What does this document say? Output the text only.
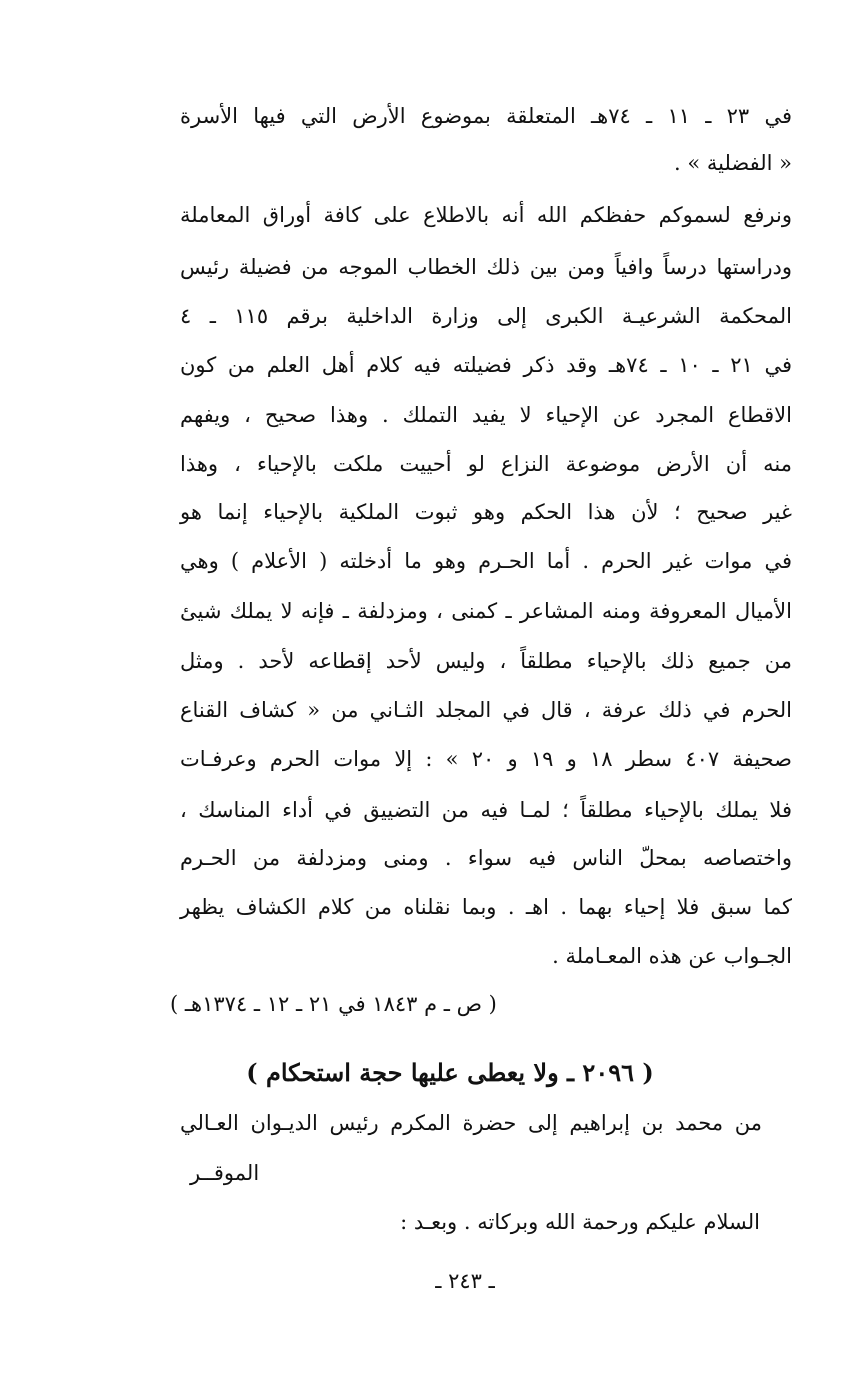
في ٢٣ ـ ١١ ـ ٧٤هـ المتعلقة بموضوع الأرض التي فيها الأسرة
« الفضلية » .
ونرفع لسموكم حفظكم الله أنه بالاطلاع على كافة أوراق المعاملة
ودراستها درساً وافياً ومن بين ذلك الخطاب الموجه من فضيلة رئيس
المحكمة الشرعيـة الكبرى إلى وزارة الداخلية برقم ١١٥ ـ ٤
في ٢١ ـ ١٠ ـ ٧٤هـ وقد ذكر فضيلته فيه كلام أهل العلم من كون
الاقطاع المجرد عن الإحياء لا يفيد التملك . وهذا صحيح ، ويفهم
منه أن الأرض موضوعة النزاع لو أحييت ملكت بالإحياء ، وهذا
غير صحيح ؛ لأن هذا الحكم وهو ثبوت الملكية بالإحياء إنما هو
في موات غير الحرم . أما الحـرم وهو ما أدخلته ( الأعلام ) وهي
الأميال المعروفة ومنه المشاعر ـ كمنى ، ومزدلفة ـ فإنه لا يملك شيئ
من جميع ذلك بالإحياء مطلقاً ، وليس لأحد إقطاعه لأحد . ومثل
الحرم في ذلك عرفة ، قال في المجلد الثـاني من « كشاف القناع
صحيفة ٤٠٧ سطر ١٨ و ١٩ و ٢٠ » : إلا موات الحرم وعرفـات
فلا يملك بالإحياء مطلقاً ؛ لمـا فيه من التضييق في أداء المناسك ،
واختصاصه بمحلّ الناس فيه سواء . ومنى ومزدلفة من الحـرم
كما سبق فلا إحياء بهما . اهـ . وبما نقلناه من كلام الكشاف يظهر
الجـواب عن هذه المعـاملة .
( ص ـ م ١٨٤٣ في ٢١ ـ ١٢ ـ ١٣٧٤هـ )
( ٢٠٩٦ ـ ولا يعطى عليها حجة استحكام )
من محمد بن إبراهيم إلى حضرة المكرم رئيس الديـوان العـالي
الموقــر
السلام عليكم ورحمة الله وبركاته . وبعـد :
ـ ٢٤٣ ـ
